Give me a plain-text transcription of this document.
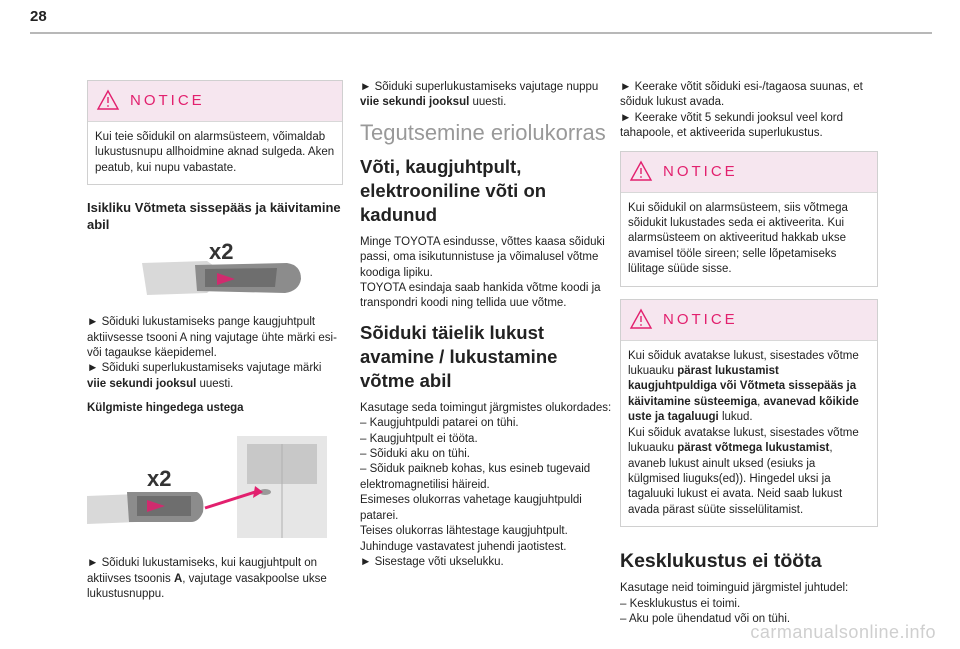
28
NOTICE
Kui teie sõidukil on alarmsüsteem, võimaldab lukustusnupu allhoidmine aknad sulgeda. Aken peatub, kui nupu vabastate.
Isikliku Võtmeta sissepääs ja käivitamine abil
x2

► Sõiduki lukustamiseks pange kaugjuhtpult aktiivsesse tsooni A ning vajutage ühte märki esi- või tagaukse käepidemel.
► Sõiduki superlukustamiseks vajutage märki viie sekundi jooksul uuesti.

Külgmiste hingedega ustega
x2

► Sõiduki lukustamiseks, kui kaugjuhtpult on aktiivses tsoonis A, vajutage vasakpoolse ukse lukustusnuppu.

► Sõiduki superlukustamiseks vajutage nuppu viie sekundi jooksul uuesti.

Tegutsemine eriolukorras
Võti, kaugjuhtpult, elektrooniline võti on kadunud

Minge TOYOTA esindusse, võttes kaasa sõiduki passi, oma isikutunnistuse ja võimalusel võtme koodiga lipiku.

TOYOTA esindaja saab hankida võtme koodi ja transpondri koodi ning tellida uue võtme.

Sõiduki täielik lukust avamine / lukustamine võtme abil

Kasutage seda toimingut järgmistes olukordades:

– Kaugjuhtpuldi patarei on tühi.
– Kaugjuhtpult ei tööta.
– Sõiduki aku on tühi.
– Sõiduk paikneb kohas, kus esineb tugevaid elektromagnetilisi häireid.

Esimeses olukorras vahetage kaugjuhtpuldi patarei.

Teises olukorras lähtestage kaugjuhtpult.

Juhinduge vastavatest juhendi jaotistest.

► Sisestage võti ukselukku.

► Keerake võtit sõiduki esi-/tagaosa suunas, et sõiduk lukust avada.
► Keerake võtit 5 sekundi jooksul veel kord tahapoole, et aktiveerida superlukustus.

NOTICE
Kui sõidukil on alarmsüsteem, siis võtmega sõidukit lukustades seda ei aktiveerita. Kui alarmsüsteem on aktiveeritud hakkab ukse avamisel tööle sireen; selle lõpetamiseks lülitage süüde sisse.
NOTICE
Kui sõiduk avatakse lukust, sisestades võtme lukuauku pärast lukustamist kaugjuhtpuldiga või Võtmeta sissepääs ja käivitamine süsteemiga, avanevad kõikide uste ja tagaluugi lukud.
Kui sõiduk avatakse lukust, sisestades võtme lukuauku pärast võtmega lukustamist, avaneb lukust ainult uksed (esiuks ja külgmised liuguks(ed)). Hingedel uksi ja tagaluuki lukust ei avata. Neid saab lukust avada pärast süüte sisselülitamist.
Kesklukustus ei tööta

Kasutage neid toiminguid järgmistel juhtudel:

– Kesklukustus ei toimi.
– Aku pole ühendatud või on tühi.

carmanualsonline.info
